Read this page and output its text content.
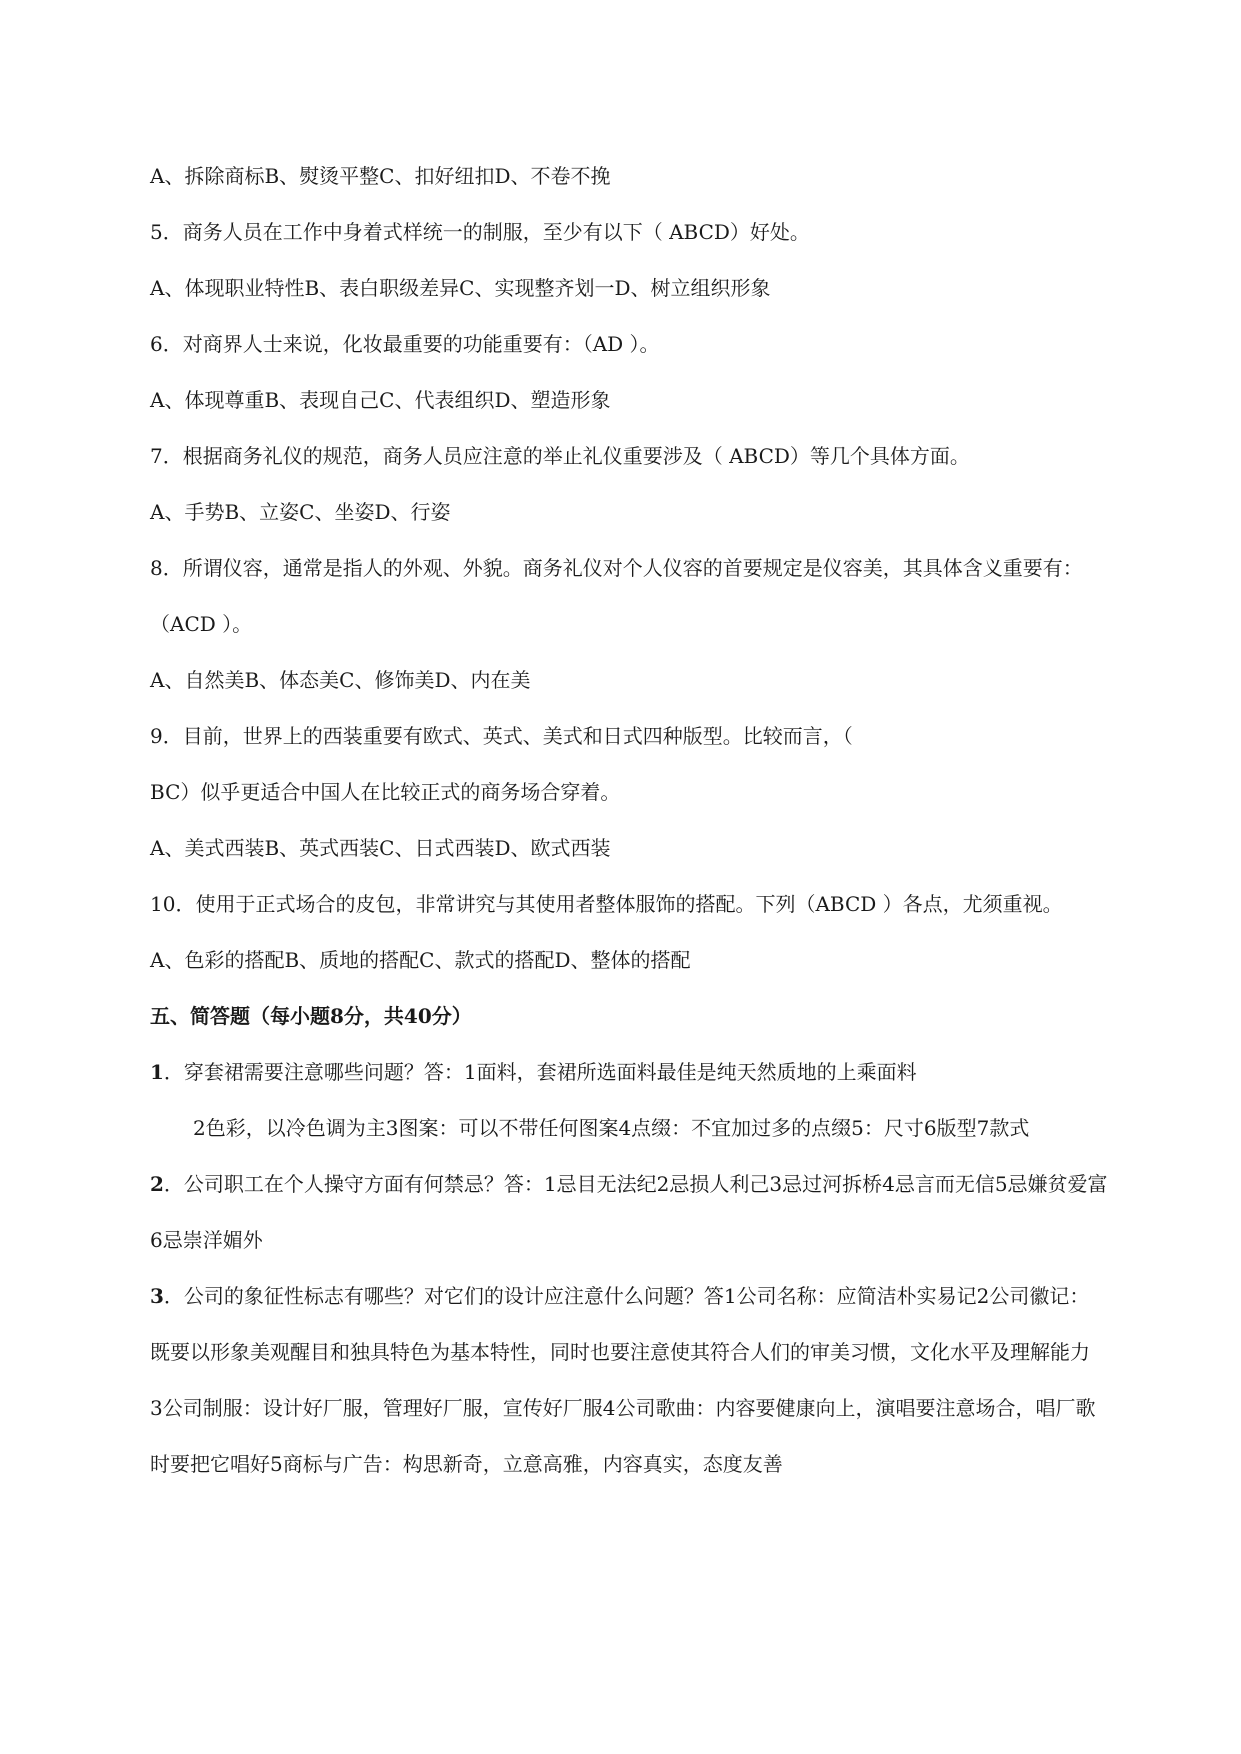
A、拆除商标B、熨烫平整C、扣好纽扣D、不卷不挽
5．商务人员在工作中身着式样统一的制服，至少有以下（ ABCD）好处。
A、体现职业特性B、表白职级差异C、实现整齐划一D、树立组织形象
6．对商界人士来说，化妆最重要的功能重要有：（AD ）。
A、体现尊重B、表现自己C、代表组织D、塑造形象
7．根据商务礼仪的规范，商务人员应注意的举止礼仪重要涉及（ ABCD）等几个具体方面。
A、手势B、立姿C、坐姿D、行姿
8．所谓仪容，通常是指人的外观、外貌。商务礼仪对个人仪容的首要规定是仪容美，其具体含义重要有：
（ACD ）。
A、自然美B、体态美C、修饰美D、内在美
9．目前，世界上的西装重要有欧式、英式、美式和日式四种版型。比较而言，（
BC）似乎更适合中国人在比较正式的商务场合穿着。
A、美式西装B、英式西装C、日式西装D、欧式西装
10．使用于正式场合的皮包，非常讲究与其使用者整体服饰的搭配。下列（ABCD ）各点，尤须重视。
A、色彩的搭配B、质地的搭配C、款式的搭配D、整体的搭配
五、简答题（每小题8分，共40分）
1．穿套裙需要注意哪些问题？答：1面料，套裙所选面料最佳是纯天然质地的上乘面料
2色彩，以冷色调为主3图案：可以不带任何图案4点缀：不宜加过多的点缀5：尺寸6版型7款式
2．公司职工在个人操守方面有何禁忌？答：1忌目无法纪2忌损人利己3忌过河拆桥4忌言而无信5忌嫌贫爱富
6忌崇洋媚外
3．公司的象征性标志有哪些？对它们的设计应注意什么问题？答1公司名称：应简洁朴实易记2公司徽记：
既要以形象美观醒目和独具特色为基本特性，同时也要注意使其符合人们的审美习惯，文化水平及理解能力
3公司制服：设计好厂服，管理好厂服，宣传好厂服4公司歌曲：内容要健康向上，演唱要注意场合，唱厂歌
时要把它唱好5商标与广告：构思新奇，立意高雅，内容真实，态度友善
